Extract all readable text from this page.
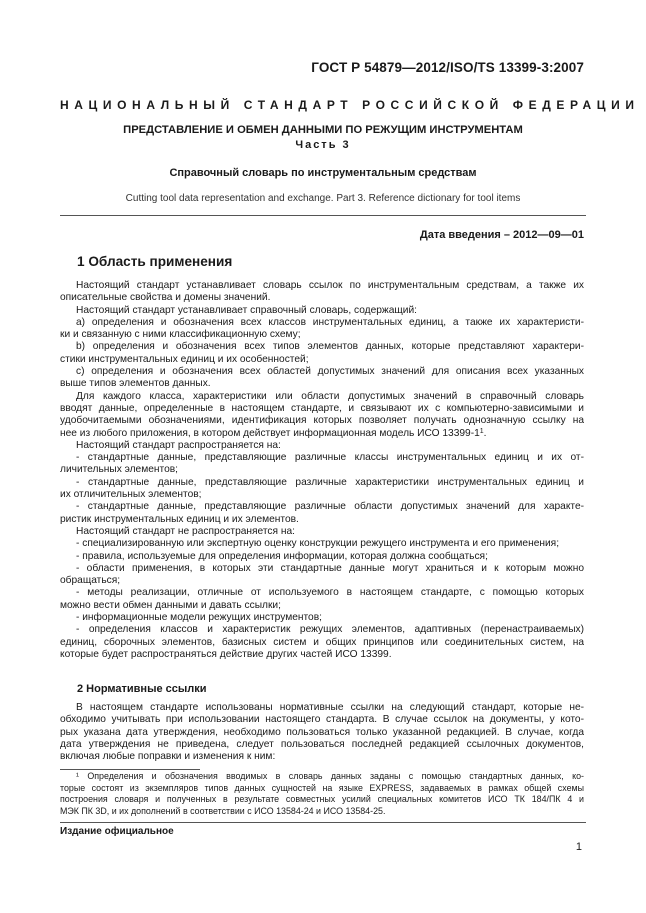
ГОСТ Р 54879—2012/ISO/TS 13399-3:2007
НАЦИОНАЛЬНЫЙ СТАНДАРТ РОССИЙСКОЙ ФЕДЕРАЦИИ
ПРЕДСТАВЛЕНИЕ И ОБМЕН ДАННЫМИ ПО РЕЖУЩИМ ИНСТРУМЕНТАМ
Часть 3
Справочный словарь по инструментальным средствам
Cutting tool data representation and exchange. Part 3. Reference dictionary for tool items
Дата введения – 2012—09—01
1 Область применения
Настоящий стандарт устанавливает словарь ссылок по инструментальным средствам, а также их
описательные свойства и домены значений.
Настоящий стандарт устанавливает справочный словарь, содержащий:
а) определения и обозначения всех классов инструментальных единиц, а также их характеристи-
ки и связанную с ними классификационную схему;
b) определения и обозначения всех типов элементов данных, которые представляют характери-
стики инструментальных единиц и их особенностей;
c) определения и обозначения всех областей допустимых значений для описания всех указанных
выше типов элементов данных.
Для каждого класса, характеристики или области допустимых значений в справочный словарь
вводят данные, определенные в настоящем стандарте, и связывают их с компьютерно-зависимыми и
удобочитаемыми обозначениями, идентификация которых позволяет получать однозначную ссылку на
нее из любого приложения, в котором действует информационная модель ИСО 13399-1$^1$.
Настоящий стандарт распространяется на:
- стандартные данные, представляющие различные классы инструментальных единиц и их от-
личительных элементов;
- стандартные данные, представляющие различные характеристики инструментальных единиц и
их отличительных элементов;
- стандартные данные, представляющие различные области допустимых значений для характе-
ристик инструментальных единиц и их элементов.
Настоящий стандарт не распространяется на:
- специализированную или экспертную оценку конструкции режущего инструмента и его применения;
- правила, используемые для определения информации, которая должна сообщаться;
- области применения, в которых эти стандартные данные могут храниться и к которым можно
обращаться;
- методы реализации, отличные от используемого в настоящем стандарте, с помощью которых
можно вести обмен данными и давать ссылки;
- информационные модели режущих инструментов;
- определения классов и характеристик режущих элементов, адаптивных (перенастраиваемых)
единиц, сборочных элементов, базисных систем и общих принципов или соединительных систем, на
которые будет распространяться действие других частей ИСО 13399.
2 Нормативные ссылки
В настоящем стандарте использованы нормативные ссылки на следующий стандарт, которые не-
обходимо учитывать при использовании настоящего стандарта. В случае ссылок на документы, у кото-
рых указана дата утверждения, необходимо пользоваться только указанной редакцией. В случае, когда
дата утверждения не приведена, следует пользоваться последней редакцией ссылочных документов,
включая любые поправки и изменения к ним:
¹ Определения и обозначения вводимых в словарь данных заданы с помощью стандартных данных, ко-
торые состоят из экземпляров типов данных сущностей на языке EXPRESS, задаваемых в рамках общей схемы
построения словаря и полученных в результате совместных усилий специальных комитетов ИСО ТК 184/ПК 4 и
МЭК ПК 3D, и их дополнений в соответствии с ИСО 13584-24 и ИСО 13584-25.
Издание официальное
1
